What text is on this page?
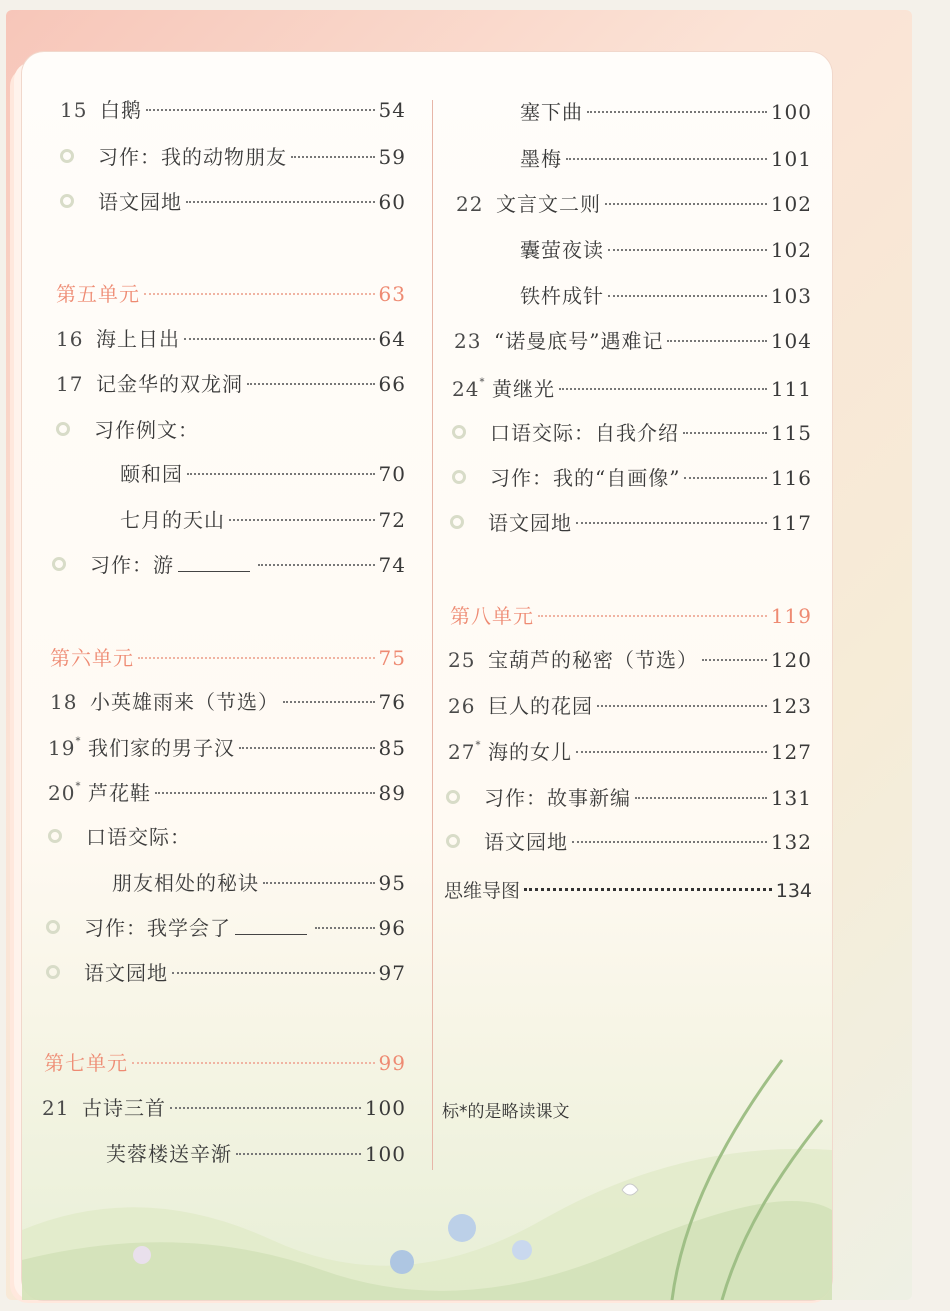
15 白鹅	54
习作：我的动物朋友	59
语文园地	60
第五单元	63
16 海上日出	64
17 记金华的双龙洞	66
习作例文：
颐和园	70
七月的天山	72
习作：游	74
第六单元	75
18 小英雄雨来（节选）	76
19* 我们家的男子汉	85
20* 芦花鞋	89
口语交际：
朋友相处的秘诀	95
习作：我学会了	96
语文园地	97
第七单元	99
21 古诗三首	100
芙蓉楼送辛渐	100
塞下曲	100
墨梅	101
22 文言文二则	102
囊萤夜读	102
铁杵成针	103
23 “诺曼底号”遇难记	104
24* 黄继光	111
口语交际：自我介绍	115
习作：我的“自画像”	116
语文园地	117
第八单元	119
25 宝葫芦的秘密（节选）	120
26 巨人的花园	123
27* 海的女儿	127
习作：故事新编	131
语文园地	132
思维导图	134
标*的是略读课文
